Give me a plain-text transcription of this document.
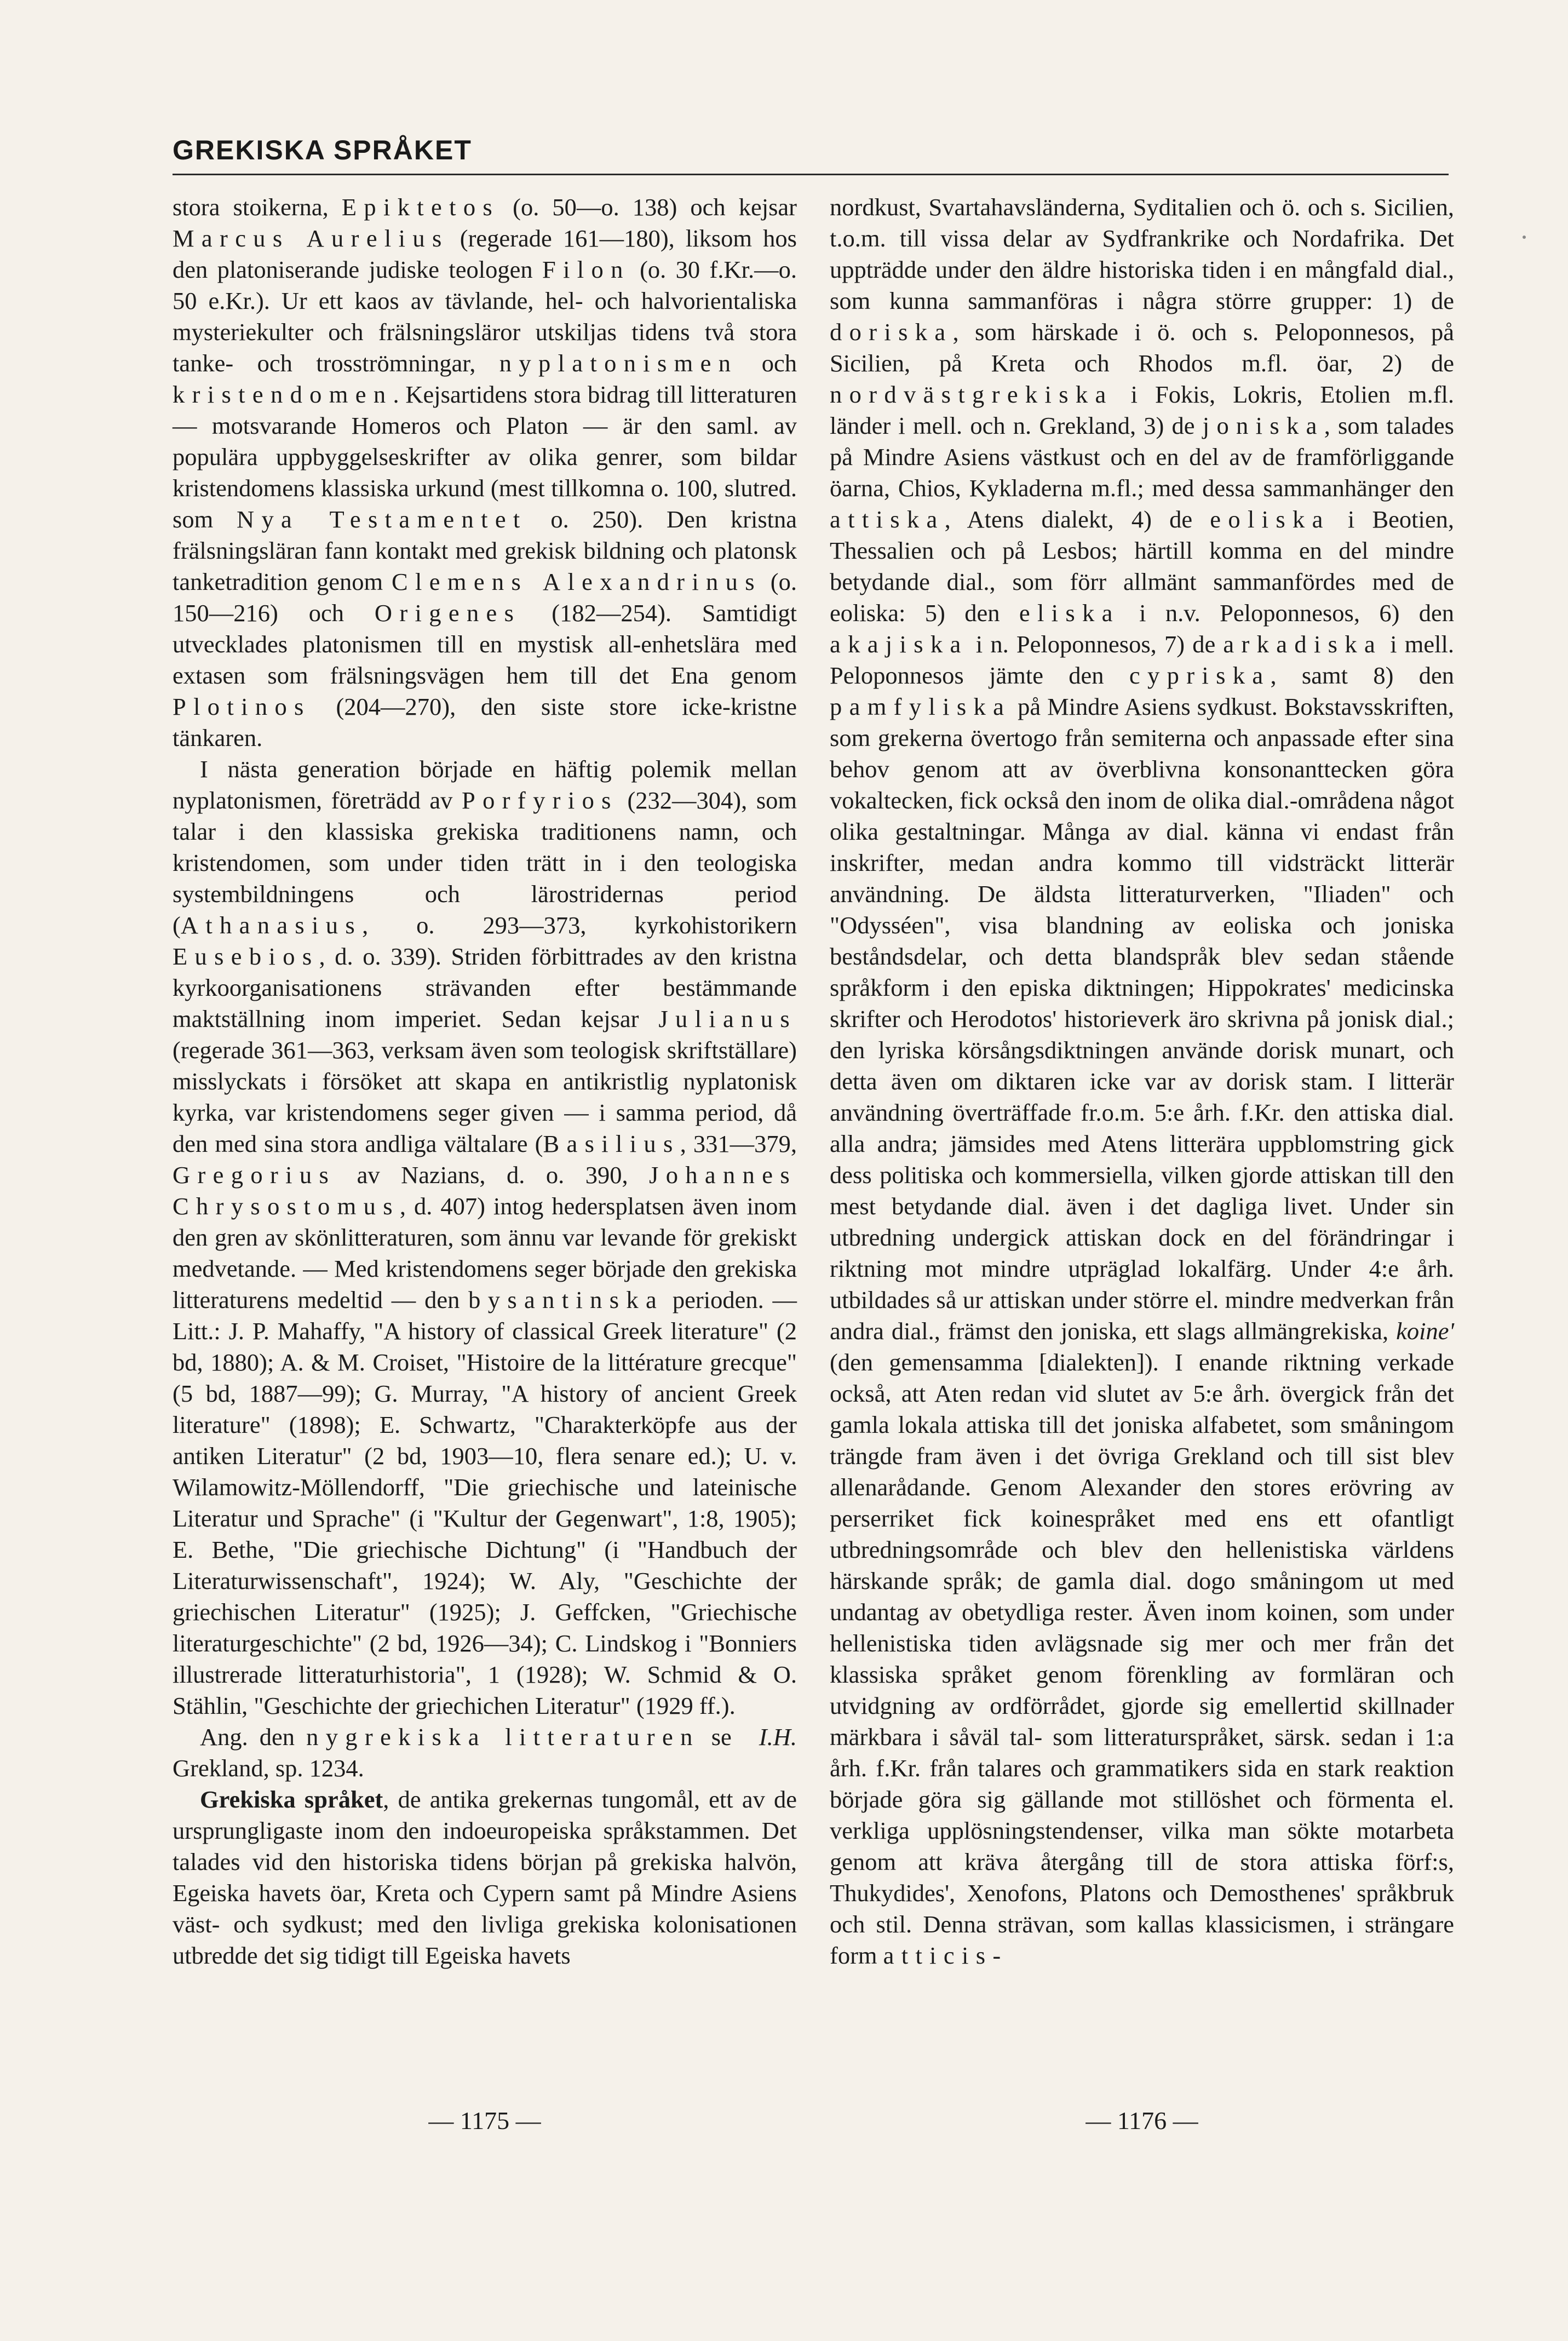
GREKISKA SPRÅKET

stora stoikerna, Epiktetos (o. 50—o. 138) och kejsar Marcus Aurelius (regerade 161—180), liksom hos den platoniserande judiske teologen Filon (o. 30 f.Kr.—o. 50 e.Kr.). Ur ett kaos av tävlande, hel- och halvorientaliska mysteriekulter och frälsningsläror utskiljas tidens två stora tanke- och trosströmningar, nyplatonismen och kristendomen. Kejsartidens stora bidrag till litteraturen — motsvarande Homeros och Platon — är den saml. av populära uppbyggelseskrifter av olika genrer, som bildar kristendomens klassiska urkund (mest tillkomna o. 100, slutred. som Nya Testamentet o. 250). Den kristna frälsningsläran fann kontakt med grekisk bildning och platonsk tanketradition genom Clemens Alexandrinus (o. 150—216) och Origenes (182—254). Samtidigt utvecklades platonismen till en mystisk all-enhetslära med extasen som frälsningsvägen hem till det Ena genom Plotinos (204—270), den siste store icke-kristne tänkaren.

I nästa generation började en häftig polemik mellan nyplatonismen, företrädd av Porfyrios (232—304), som talar i den klassiska grekiska traditionens namn, och kristendomen, som under tiden trätt in i den teologiska systembildningens och lärostridernas period (Athanasius, o. 293—373, kyrkohistorikern Eusebios, d. o. 339). Striden förbittrades av den kristna kyrkoorganisationens strävanden efter bestämmande maktställning inom imperiet. Sedan kejsar Julianus (regerade 361—363, verksam även som teologisk skriftställare) misslyckats i försöket att skapa en antikristlig nyplatonisk kyrka, var kristendomens seger given — i samma period, då den med sina stora andliga vältalare (Basilius, 331—379, Gregorius av Nazians, d. o. 390, Johannes Chrysostomus, d. 407) intog hedersplatsen även inom den gren av skönlitteraturen, som ännu var levande för grekiskt medvetande. — Med kristendomens seger började den grekiska litteraturens medeltid — den bysantinska perioden. — Litt.: J. P. Mahaffy, "A history of classical Greek literature" (2 bd, 1880); A. & M. Croiset, "Histoire de la littérature grecque" (5 bd, 1887—99); G. Murray, "A history of ancient Greek literature" (1898); E. Schwartz, "Charakterköpfe aus der antiken Literatur" (2 bd, 1903—10, flera senare ed.); U. v. Wilamowitz-Möllendorff, "Die griechische und lateinische Literatur und Sprache" (i "Kultur der Gegenwart", 1:8, 1905); E. Bethe, "Die griechische Dichtung" (i "Handbuch der Literaturwissenschaft", 1924); W. Aly, "Geschichte der griechischen Literatur" (1925); J. Geffcken, "Griechische literaturgeschichte" (2 bd, 1926—34); C. Lindskog i "Bonniers illustrerade litteraturhistoria", 1 (1928); W. Schmid & O. Stählin, "Geschichte der griechichen Literatur" (1929 ff.).
I.H.

Ang. den nygrekiska litteraturen se Grekland, sp. 1234.

Grekiska språket, de antika grekernas tungomål, ett av de ursprungligaste inom den indoeuropeiska språkstammen. Det talades vid den historiska tidens början på grekiska halvön, Egeiska havets öar, Kreta och Cypern samt på Mindre Asiens väst- och sydkust; med den livliga grekiska kolonisationen utbredde det sig tidigt till Egeiska havets

nordkust, Svartahavsländerna, Syditalien och ö. och s. Sicilien, t.o.m. till vissa delar av Sydfrankrike och Nordafrika. Det uppträdde under den äldre historiska tiden i en mångfald dial., som kunna sammanföras i några större grupper: 1) de doriska, som härskade i ö. och s. Peloponnesos, på Sicilien, på Kreta och Rhodos m.fl. öar, 2) de nordvästgrekiska i Fokis, Lokris, Etolien m.fl. länder i mell. och n. Grekland, 3) de joniska, som talades på Mindre Asiens västkust och en del av de framförliggande öarna, Chios, Kykladerna m.fl.; med dessa sammanhänger den attiska, Atens dialekt, 4) de eoliska i Beotien, Thessalien och på Lesbos; härtill komma en del mindre betydande dial., som förr allmänt sammanfördes med de eoliska: 5) den eliska i n.v. Peloponnesos, 6) den akajiska i n. Peloponnesos, 7) de arkadiska i mell. Peloponnesos jämte den cypriska, samt 8) den pamfyliska på Mindre Asiens sydkust. Bokstavsskriften, som grekerna övertogo från semiterna och anpassade efter sina behov genom att av överblivna konsonanttecken göra vokaltecken, fick också den inom de olika dial.-områdena något olika gestaltningar. Många av dial. känna vi endast från inskrifter, medan andra kommo till vidsträckt litterär användning. De äldsta litteraturverken, "Iliaden" och "Odysséen", visa blandning av eoliska och joniska beståndsdelar, och detta blandspråk blev sedan stående språkform i den episka diktningen; Hippokrates' medicinska skrifter och Herodotos' historieverk äro skrivna på jonisk dial.; den lyriska körsångsdiktningen använde dorisk munart, och detta även om diktaren icke var av dorisk stam. I litterär användning överträffade fr.o.m. 5:e årh. f.Kr. den attiska dial. alla andra; jämsides med Atens litterära uppblomstring gick dess politiska och kommersiella, vilken gjorde attiskan till den mest betydande dial. även i det dagliga livet. Under sin utbredning undergick attiskan dock en del förändringar i riktning mot mindre utpräglad lokalfärg. Under 4:e årh. utbildades så ur attiskan under större el. mindre medverkan från andra dial., främst den joniska, ett slags allmängrekiska, koine' (den gemensamma [dialekten]). I enande riktning verkade också, att Aten redan vid slutet av 5:e årh. övergick från det gamla lokala attiska till det joniska alfabetet, som småningom trängde fram även i det övriga Grekland och till sist blev allenarådande. Genom Alexander den stores erövring av perserriket fick koinespråket med ens ett ofantligt utbredningsområde och blev den hellenistiska världens härskande språk; de gamla dial. dogo småningom ut med undantag av obetydliga rester. Även inom koinen, som under hellenistiska tiden avlägsnade sig mer och mer från det klassiska språket genom förenkling av formläran och utvidgning av ordförrådet, gjorde sig emellertid skillnader märkbara i såväl tal- som litteraturspråket, särsk. sedan i 1:a årh. f.Kr. från talares och grammatikers sida en stark reaktion började göra sig gällande mot stillöshet och förmenta el. verkliga upplösningstendenser, vilka man sökte motarbeta genom att kräva återgång till de stora attiska förf:s, Thukydides', Xenofons, Platons och Demosthenes' språkbruk och stil. Denna strävan, som kallas klassicismen, i strängare form atticis-

— 1175 —	— 1176 —
